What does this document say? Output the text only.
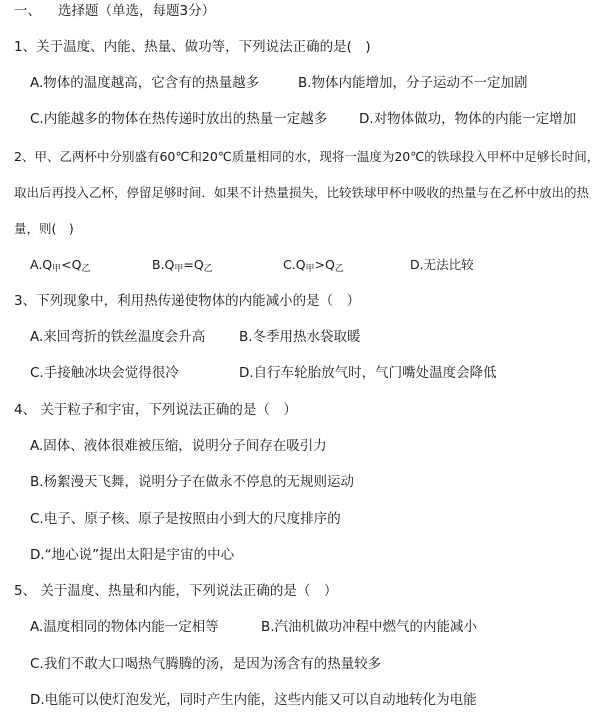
一、 选择题（单选，每题3分）
1、关于温度、内能、热量、做功等，下列说法正确的是(　)
A.物体的温度越高，它含有的热量越多	B.物体内能增加，分子运动不一定加剧
C.内能越多的物体在热传递时放出的热量一定越多 D.对物体做功，物体的内能一定增加
2、甲、乙两杯中分别盛有60℃和20℃质量相同的水，现将一温度为20℃的铁球投入甲杯中足够长时间，
取出后再投入乙杯，停留足够时间．如果不计热量损失，比较铁球甲杯中吸收的热量与在乙杯中放出的热
量，则(　)
$A.Q_甲<Q_乙$	$B.Q_甲=Q_乙$	$C.Q_甲>Q_乙$	D.无法比较
3、下列现象中，利用热传递使物体的内能减小的是（　）
A.来回弯折的铁丝温度会升高 B.冬季用热水袋取暖
C.手接触冰块会觉得很冷	D.自行车轮胎放气时，气门嘴处温度会降低
4、 关于粒子和宇宙，下列说法正确的是（　）
A.固体、液体很难被压缩，说明分子间存在吸引力
B.杨絮漫天飞舞，说明分子在做永不停息的无规则运动
C.电子、原子核、原子是按照由小到大的尺度排序的
D.“地心说”提出太阳是宇宙的中心
5、 关于温度、热量和内能，下列说法正确的是（　）
A.温度相同的物体内能一定相等	B.汽油机做功冲程中燃气的内能减小
C.我们不敢大口喝热气腾腾的汤，是因为汤含有的热量较多
D.电能可以使灯泡发光，同时产生内能，这些内能又可以自动地转化为电能
